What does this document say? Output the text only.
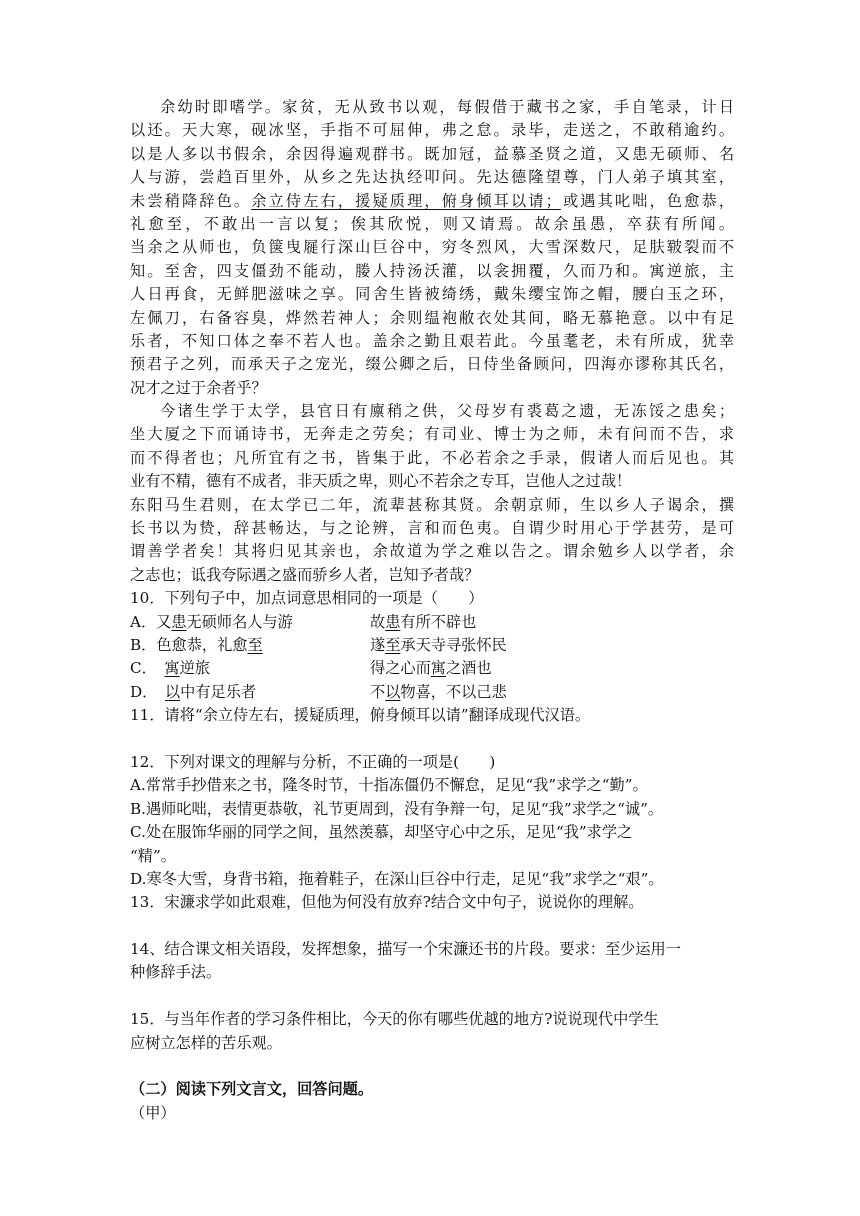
余幼时即嗜学。家贫，无从致书以观，每假借于藏书之家，手自笔录，计日
以还。天大寒，砚冰坚，手指不可屈伸，弗之怠。录毕，走送之，不敢稍逾约。
以是人多以书假余，余因得遍观群书。既加冠，益慕圣贤之道，又患无硕师、名
人与游，尝趋百里外，从乡之先达执经叩问。先达德隆望尊，门人弟子填其室，
未尝稍降辞色。余立侍左右，援疑质理，俯身倾耳以请；或遇其叱咄，色愈恭，
礼愈至，不敢出一言以复；俟其欣悦，则又请焉。故余虽愚，卒获有所闻。
当余之从师也，负箧曳屣行深山巨谷中，穷冬烈风，大雪深数尺，足肤皲裂而不
知。至舍，四支僵劲不能动，媵人持汤沃灌，以衾拥覆，久而乃和。寓逆旅，主
人日再食，无鲜肥滋味之享。同舍生皆被绮绣，戴朱缨宝饰之帽，腰白玉之环，
左佩刀，右备容臭，烨然若神人；余则缊袍敝衣处其间，略无慕艳意。以中有足
乐者，不知口体之奉不若人也。盖余之勤且艰若此。今虽耄老，未有所成，犹幸
预君子之列，而承天子之宠光，缀公卿之后，日侍坐备顾问，四海亦谬称其氏名，
况才之过于余者乎？
今诸生学于太学，县官日有廪稍之供，父母岁有裘葛之遗，无冻馁之患矣；
坐大厦之下而诵诗书，无奔走之劳矣；有司业、博士为之师，未有问而不告，求
而不得者也；凡所宜有之书，皆集于此，不必若余之手录，假诸人而后见也。其
业有不精，德有不成者，非天质之卑，则心不若余之专耳，岂他人之过哉！
东阳马生君则，在太学已二年，流辈甚称其贤。余朝京师，生以乡人子谒余，撰
长书以为贽，辞甚畅达，与之论辨，言和而色夷。自谓少时用心于学甚劳，是可
谓善学者矣！其将归见其亲也，余故道为学之难以告之。谓余勉乡人以学者，余
之志也；诋我夸际遇之盛而骄乡人者，岂知予者哉？
10．下列句子中，加点词意思相同的一项是（　　）
A．又患无硕师名人与游	故患有所不辟也
B．色愈恭，礼愈至	遂至承天寺寻张怀民
C．　寓逆旅	得之心而寓之酒也
D．　以中有足乐者	不以物喜，不以己悲
11．请将“余立侍左右，援疑质理，俯身倾耳以请”翻译成现代汉语。
12．下列对课文的理解与分析，不正确的一项是(　　)
A.常常手抄借来之书，隆冬时节，十指冻僵仍不懈怠，足见“我”求学之“勤”。
B.遇师叱咄，表情更恭敬，礼节更周到，没有争辩一句，足见“我”求学之“诚”。
C.处在服饰华丽的同学之间，虽然羡慕，却坚守心中之乐，足见“我”求学之
“精”。
D.寒冬大雪，身背书箱，拖着鞋子，在深山巨谷中行走，足见“我”求学之“艰”。
13．宋濂求学如此艰难，但他为何没有放弃?结合文中句子，说说你的理解。
14、结合课文相关语段，发挥想象，描写一个宋濂还书的片段。要求：至少运用一
种修辞手法。
15．与当年作者的学习条件相比，今天的你有哪些优越的地方?说说现代中学生
应树立怎样的苦乐观。
（二）阅读下列文言文，回答问题。
（甲）
